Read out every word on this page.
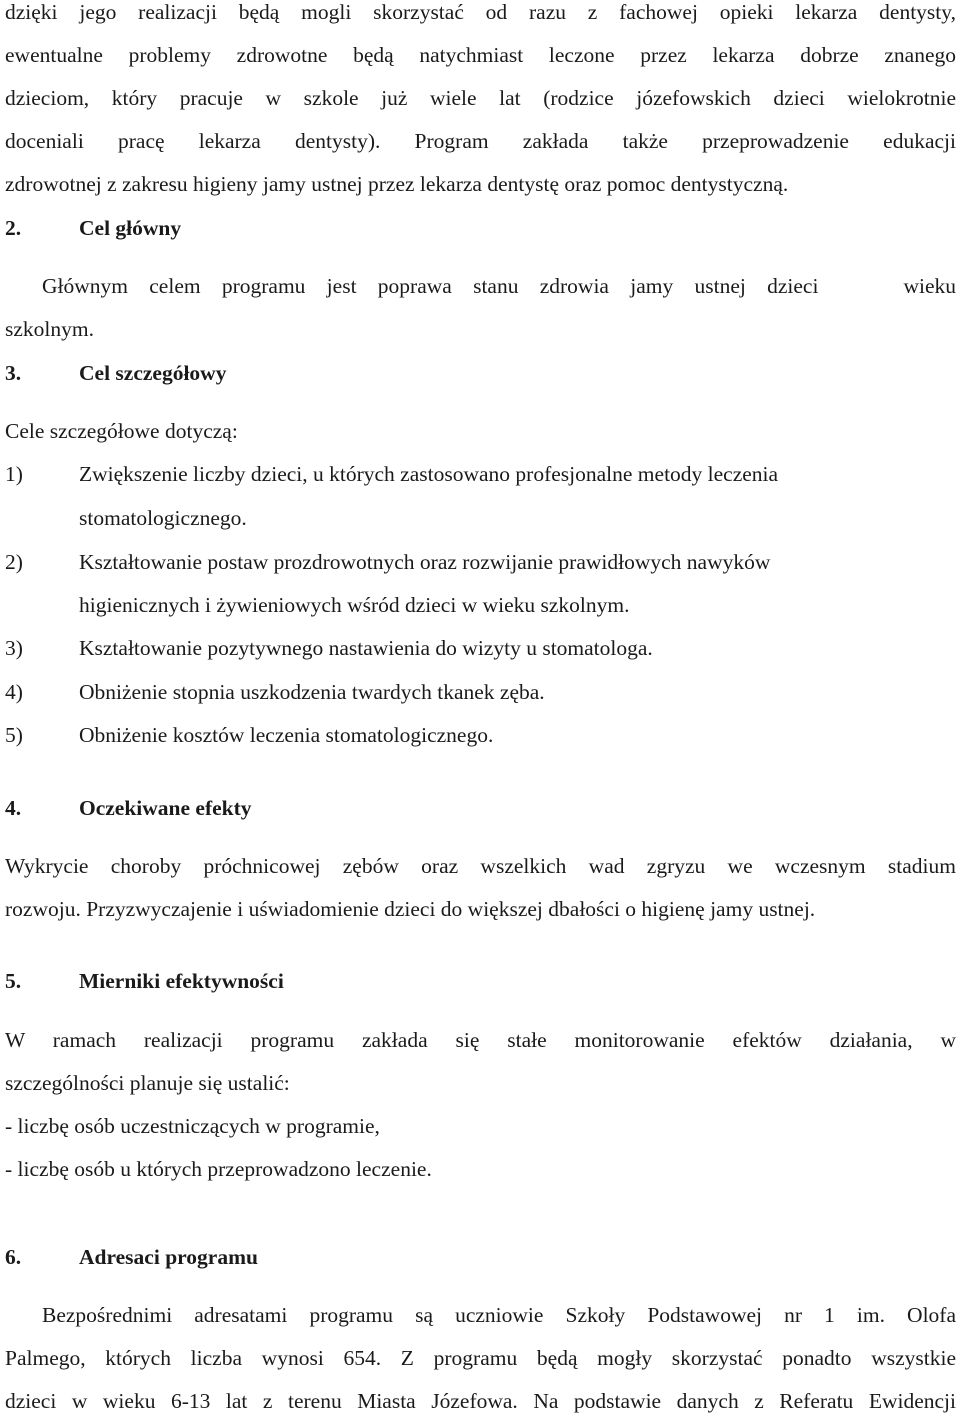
dzięki jego realizacji będą mogli skorzystać od razu z fachowej opieki lekarza dentysty,
ewentualne problemy zdrowotne będą natychmiast leczone przez lekarza dobrze znanego
dzieciom, który pracuje w szkole już wiele lat (rodzice józefowskich dzieci wielokrotnie
doceniali pracę lekarza dentysty). Program zakłada także przeprowadzenie edukacji
zdrowotnej z zakresu higieny jamy ustnej przez lekarza dentystę oraz pomoc dentystyczną.
2.	Cel główny
Głównym celem programu jest poprawa stanu zdrowia jamy ustnej dzieci    wieku
szkolnym.
3.	Cel szczegółowy
Cele szczegółowe dotyczą:
1)	Zwiększenie liczby dzieci, u których zastosowano profesjonalne metody leczenia
stomatologicznego.
2)	Kształtowanie postaw prozdrowotnych oraz rozwijanie prawidłowych nawyków
higienicznych i żywieniowych wśród dzieci w wieku szkolnym.
3)	Kształtowanie pozytywnego nastawienia do wizyty u stomatologa.
4)	Obniżenie stopnia uszkodzenia twardych tkanek zęba.
5)	Obniżenie kosztów leczenia stomatologicznego.
4.	Oczekiwane efekty
Wykrycie choroby próchnicowej zębów oraz wszelkich wad zgryzu we wczesnym stadium
rozwoju. Przyzwyczajenie i uświadomienie dzieci do większej dbałości o higienę jamy ustnej.
5.	Mierniki efektywności
W ramach realizacji programu zakłada się stałe monitorowanie efektów działania, w
szczególności planuje się ustalić:
- liczbę osób uczestniczących w programie,
- liczbę osób u których przeprowadzono leczenie.
6.	Adresaci programu
Bezpośrednimi adresatami programu są uczniowie Szkoły Podstawowej nr 1 im. Olofa
Palmego, których liczba wynosi 654. Z programu będą mogły skorzystać ponadto wszystkie
dzieci w wieku 6-13 lat z terenu Miasta Józefowa. Na podstawie danych z Referatu Ewidencji
